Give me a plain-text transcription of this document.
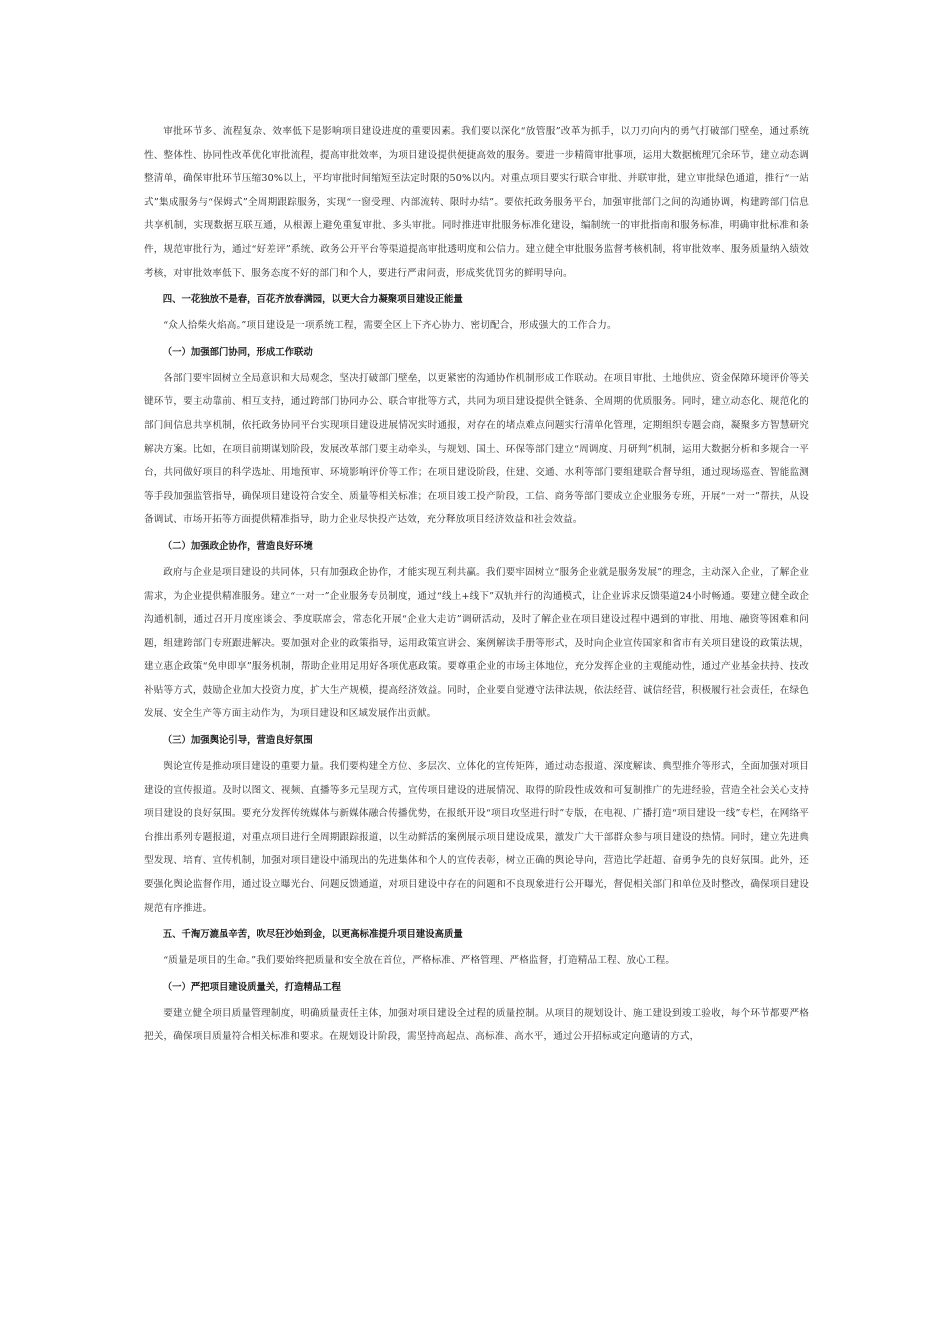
审批环节多、流程复杂、效率低下是影响项目建设进度的重要因素。我们要以深化“放管服”改革为抓手，以刀刃向内的勇气打破部门壁垒，通过系统性、整体性、协同性改革优化审批流程，提高审批效率，为项目建设提供便捷高效的服务。要进一步精简审批事项，运用大数据梳理冗余环节，建立动态调整清单，确保审批环节压缩30%以上，平均审批时间缩短至法定时限的50%以内。对重点项目要实行联合审批、并联审批，建立审批绿色通道，推行“一站式”集成服务与“保姆式”全周期跟踪服务，实现“一窗受理、内部流转、限时办结”。要依托政务服务平台，加强审批部门之间的沟通协调，构建跨部门信息共享机制，实现数据互联互通，从根源上避免重复审批、多头审批。同时推进审批服务标准化建设，编制统一的审批指南和服务标准，明确审批标准和条件，规范审批行为，通过“好差评”系统、政务公开平台等渠道提高审批透明度和公信力。建立健全审批服务监督考核机制，将审批效率、服务质量纳入绩效考核，对审批效率低下、服务态度不好的部门和个人，要进行严肃问责，形成奖优罚劣的鲜明导向。

四、一花独放不是春，百花齐放春满园，以更大合力凝聚项目建设正能量

“众人拾柴火焰高。”项目建设是一项系统工程，需要全区上下齐心协力、密切配合，形成强大的工作合力。

（一）加强部门协同，形成工作联动

各部门要牢固树立全局意识和大局观念，坚决打破部门壁垒，以更紧密的沟通协作机制形成工作联动。在项目审批、土地供应、资金保障环境评价等关键环节，要主动靠前、相互支持，通过跨部门协同办公、联合审批等方式，共同为项目建设提供全链条、全周期的优质服务。同时，建立动态化、规范化的部门间信息共享机制，依托政务协同平台实现项目建设进展情况实时通报，对存在的堵点难点问题实行清单化管理，定期组织专题会商，凝聚多方智慧研究解决方案。比如，在项目前期谋划阶段，发展改革部门要主动牵头，与规划、国土、环保等部门建立“周调度、月研判”机制，运用大数据分析和多规合一平台，共同做好项目的科学选址、用地预审、环境影响评价等工作；在项目建设阶段，住建、交通、水利等部门要组建联合督导组，通过现场巡查、智能监测等手段加强监管指导，确保项目建设符合安全、质量等相关标准；在项目竣工投产阶段，工信、商务等部门要成立企业服务专班，开展“一对一”帮扶，从设备调试、市场开拓等方面提供精准指导，助力企业尽快投产达效，充分释放项目经济效益和社会效益。

（二）加强政企协作，营造良好环境

政府与企业是项目建设的共同体，只有加强政企协作，才能实现互利共赢。我们要牢固树立“服务企业就是服务发展”的理念，主动深入企业，了解企业需求，为企业提供精准服务。建立“一对一”企业服务专员制度，通过“线上+线下”双轨并行的沟通模式，让企业诉求反馈渠道24小时畅通。要建立健全政企沟通机制，通过召开月度座谈会、季度联席会，常态化开展“企业大走访”调研活动，及时了解企业在项目建设过程中遇到的审批、用地、融资等困难和问题，组建跨部门专班跟进解决。要加强对企业的政策指导，运用政策宣讲会、案例解读手册等形式，及时向企业宣传国家和省市有关项目建设的政策法规，建立惠企政策“免申即享”服务机制，帮助企业用足用好各项优惠政策。要尊重企业的市场主体地位，充分发挥企业的主观能动性，通过产业基金扶持、技改补贴等方式，鼓励企业加大投资力度，扩大生产规模，提高经济效益。同时，企业要自觉遵守法律法规，依法经营、诚信经营，积极履行社会责任，在绿色发展、安全生产等方面主动作为，为项目建设和区域发展作出贡献。

（三）加强舆论引导，营造良好氛围

舆论宣传是推动项目建设的重要力量。我们要构建全方位、多层次、立体化的宣传矩阵，通过动态报道、深度解读、典型推介等形式，全面加强对项目建设的宣传报道。及时以图文、视频、直播等多元呈现方式，宣传项目建设的进展情况、取得的阶段性成效和可复制推广的先进经验，营造全社会关心支持项目建设的良好氛围。要充分发挥传统媒体与新媒体融合传播优势，在报纸开设“项目攻坚进行时”专版，在电视、广播打造“项目建设一线”专栏，在网络平台推出系列专题报道，对重点项目进行全周期跟踪报道，以生动鲜活的案例展示项目建设成果，激发广大干部群众参与项目建设的热情。同时，建立先进典型发现、培育、宣传机制，加强对项目建设中涌现出的先进集体和个人的宣传表彰，树立正确的舆论导向，营造比学赶超、奋勇争先的良好氛围。此外，还要强化舆论监督作用，通过设立曝光台、问题反馈通道，对项目建设中存在的问题和不良现象进行公开曝光，督促相关部门和单位及时整改，确保项目建设规范有序推进。

五、千淘万漉虽辛苦，吹尽狂沙始到金，以更高标准提升项目建设高质量

“质量是项目的生命。”我们要始终把质量和安全放在首位，严格标准、严格管理、严格监督，打造精品工程、放心工程。

（一）严把项目建设质量关，打造精品工程

要建立健全项目质量管理制度，明确质量责任主体，加强对项目建设全过程的质量控制。从项目的规划设计、施工建设到竣工验收，每个环节都要严格把关，确保项目质量符合相关标准和要求。在规划设计阶段，需坚持高起点、高标准、高水平，通过公开招标或定向邀请的方式，
